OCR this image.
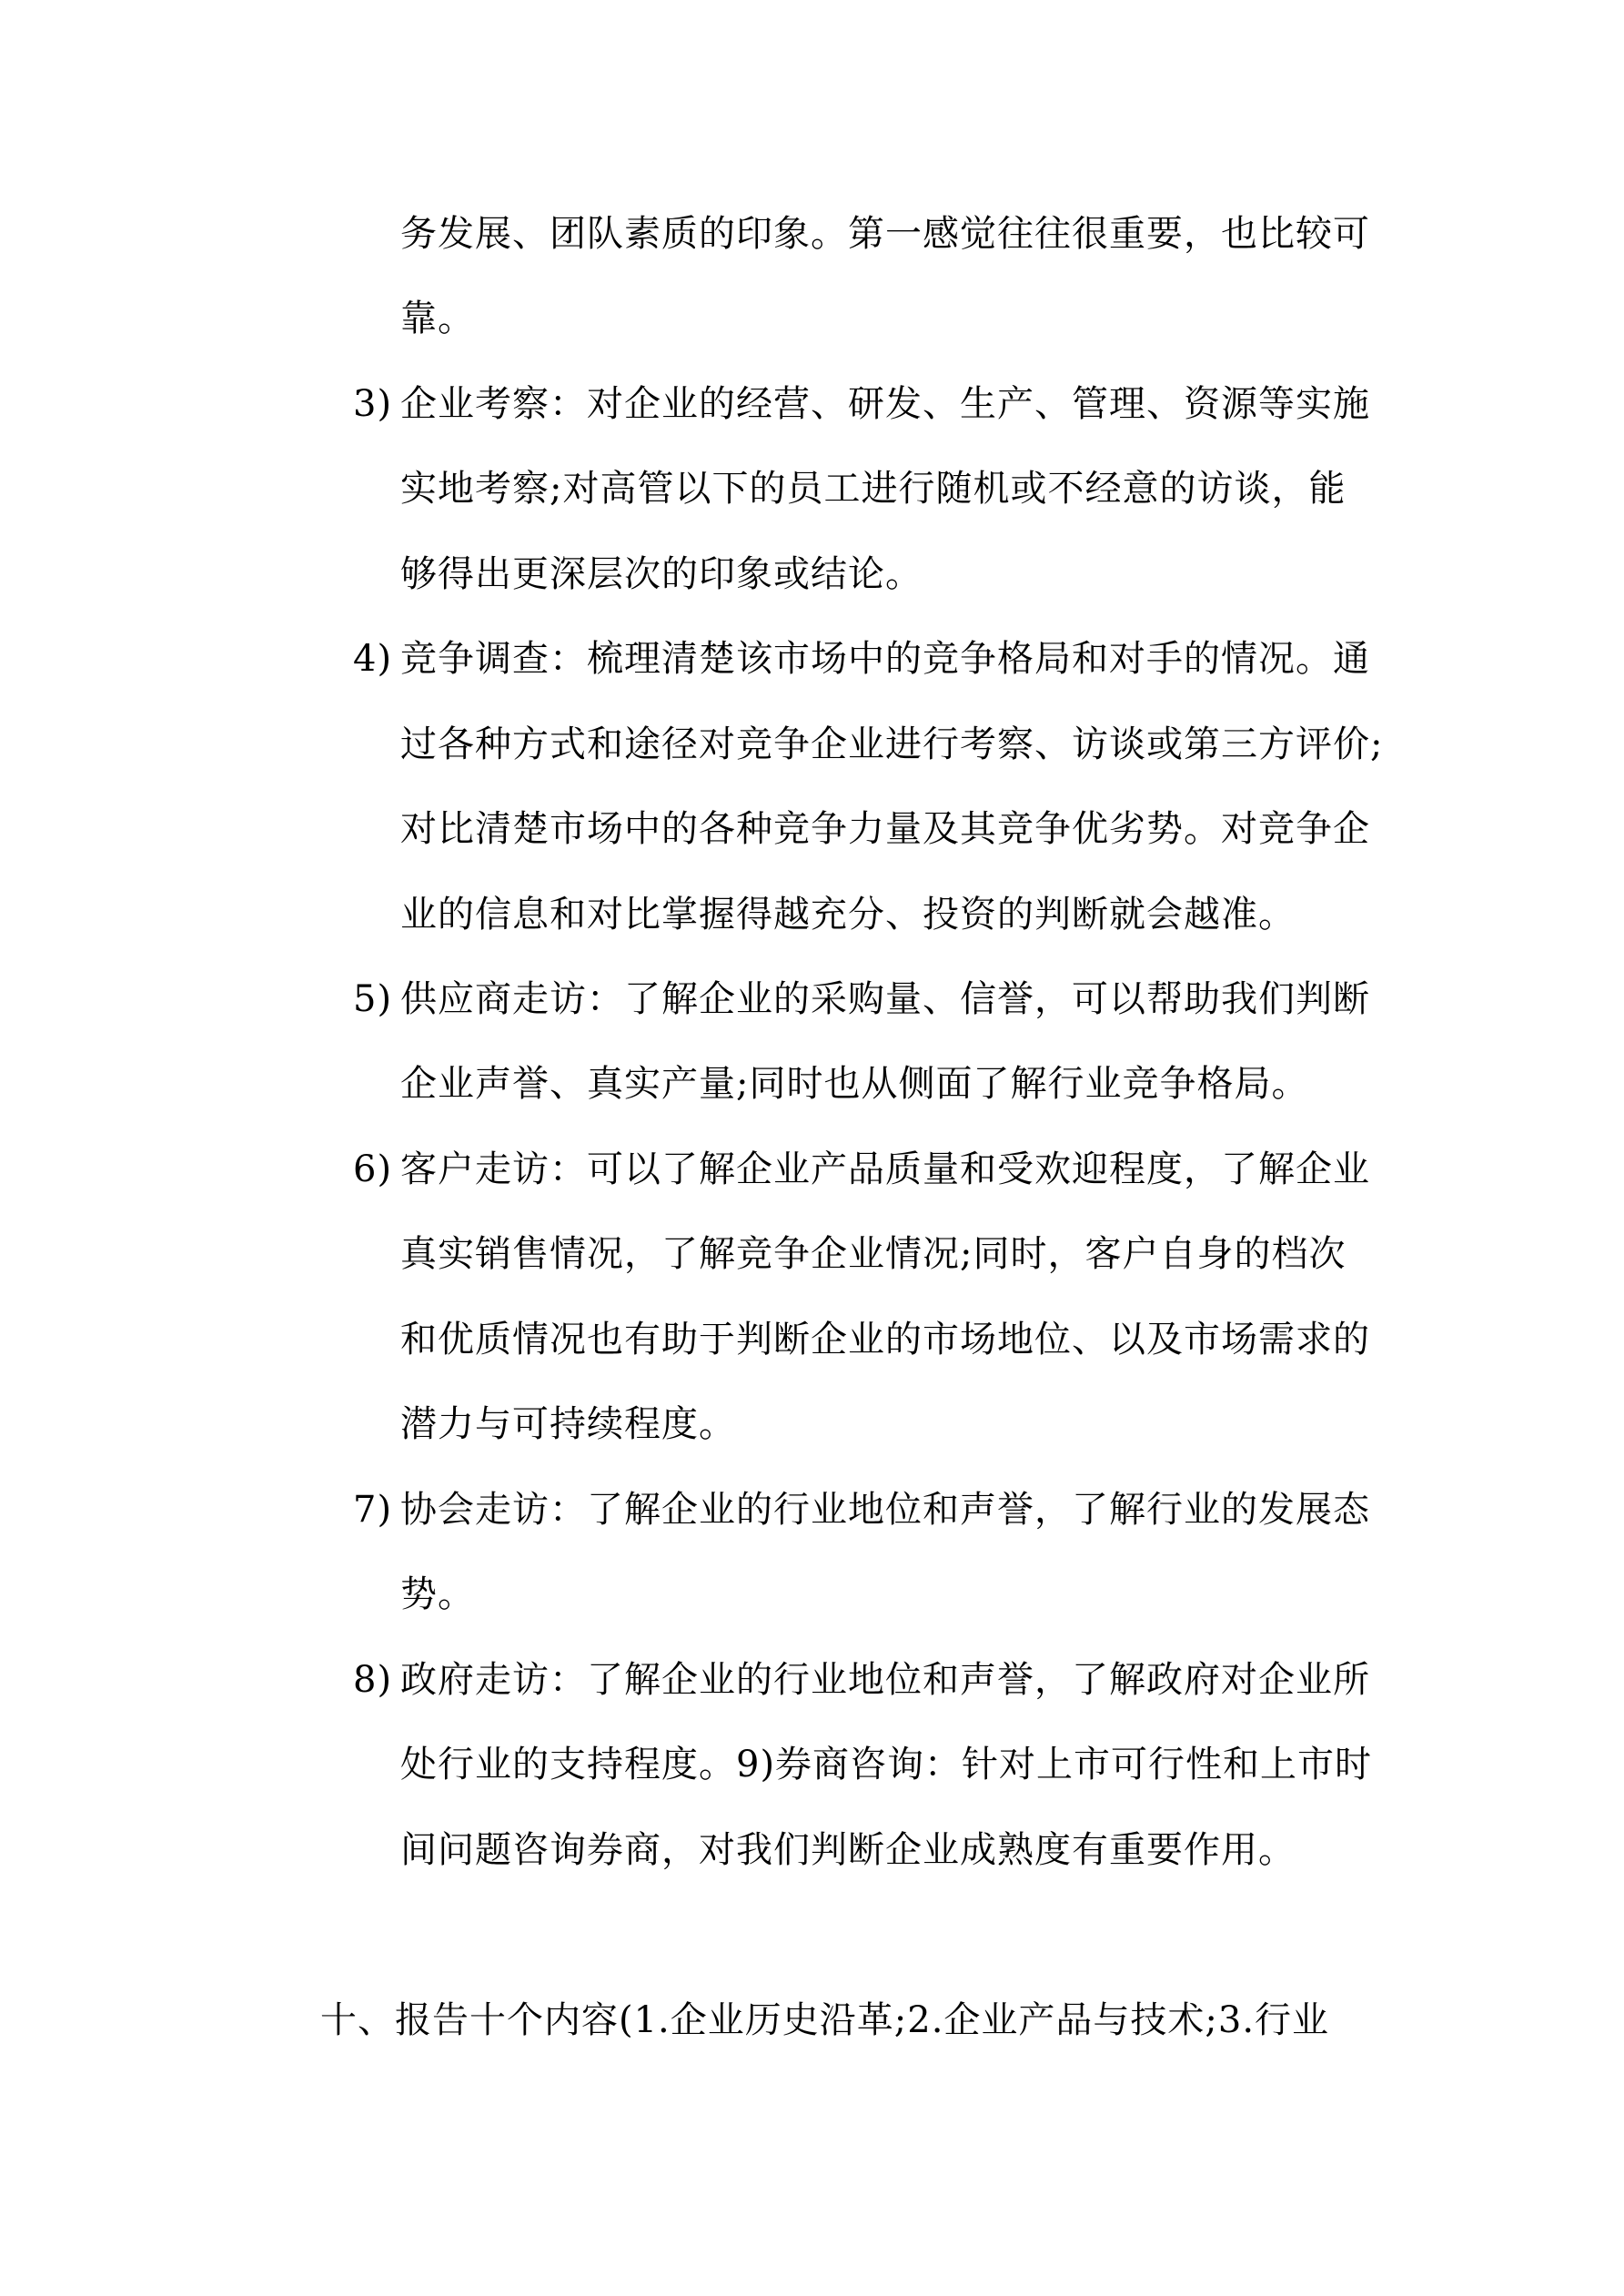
务发展、团队素质的印象。第一感觉往往很重要，也比较可
靠。
3) 企业考察：对企业的经营、研发、生产、管理、资源等实施
实地考察;对高管以下的员工进行随机或不经意的访谈，能
够得出更深层次的印象或结论。
4) 竞争调查：梳理清楚该市场中的竞争格局和对手的情况。通
过各种方式和途径对竞争企业进行考察、访谈或第三方评价;
对比清楚市场中的各种竞争力量及其竞争优劣势。对竞争企
业的信息和对比掌握得越充分、投资的判断就会越准。
5) 供应商走访：了解企业的采购量、信誉，可以帮助我们判断
企业声誉、真实产量;同时也从侧面了解行业竞争格局。
6) 客户走访：可以了解企业产品质量和受欢迎程度，了解企业
真实销售情况，了解竞争企业情况;同时，客户自身的档次
和优质情况也有助于判断企业的市场地位、以及市场需求的
潜力与可持续程度。
7) 协会走访：了解企业的行业地位和声誉，了解行业的发展态
势。
8) 政府走访：了解企业的行业地位和声誉，了解政府对企业所
处行业的支持程度。9)券商咨询：针对上市可行性和上市时
间问题咨询券商，对我们判断企业成熟度有重要作用。
十、报告十个内容(1.企业历史沿革;2.企业产品与技术;3.行业
